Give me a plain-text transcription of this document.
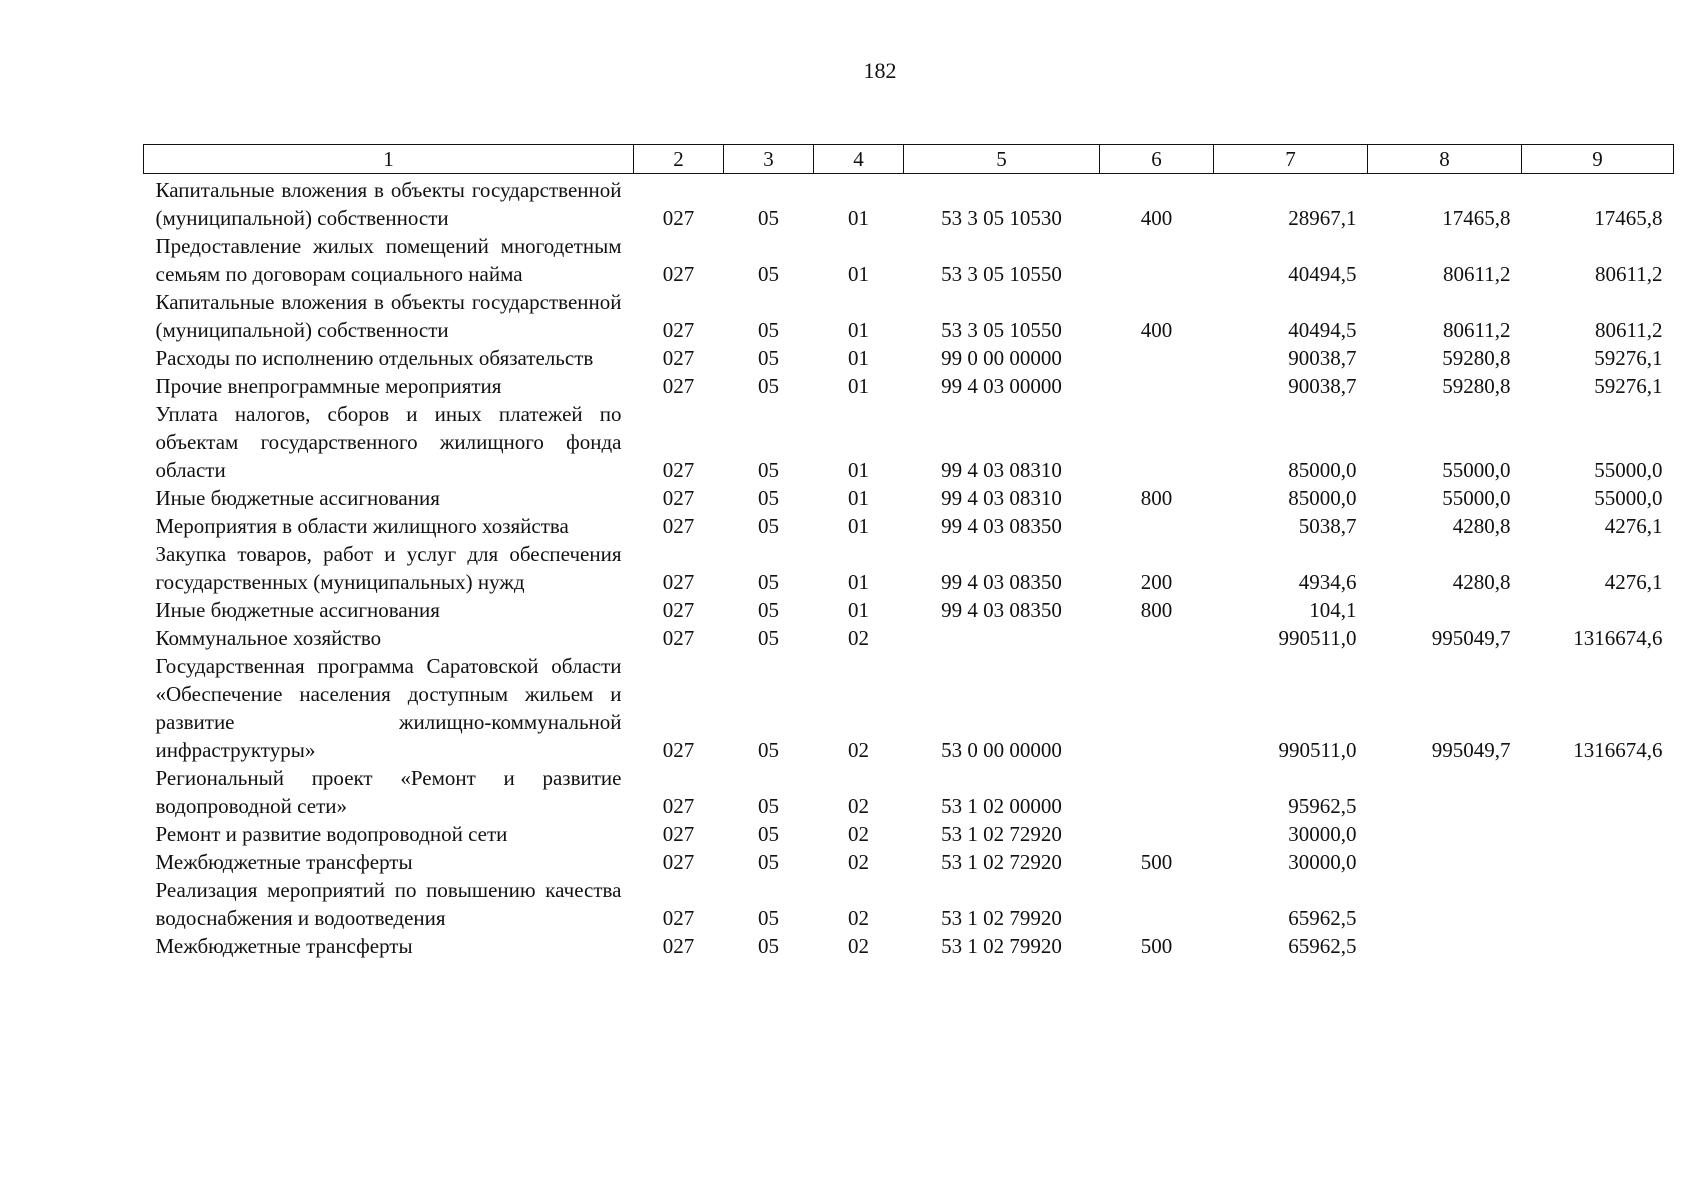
182
1	2	3	4	5	6	7	8	9
Капитальные вложения в объекты государственной (муниципальной) собственности	027	05	01	53 3 05 10530	400	28967,1	17465,8	17465,8
Предоставление жилых помещений многодетным семьям по договорам социального найма	027	05	01	53 3 05 10550		40494,5	80611,2	80611,2
Капитальные вложения в объекты государственной (муниципальной) собственности	027	05	01	53 3 05 10550	400	40494,5	80611,2	80611,2
Расходы по исполнению отдельных обязательств	027	05	01	99 0 00 00000		90038,7	59280,8	59276,1
Прочие внепрограммные мероприятия	027	05	01	99 4 03 00000		90038,7	59280,8	59276,1
Уплата налогов, сборов и иных платежей по объектам государственного жилищного фонда области	027	05	01	99 4 03 08310		85000,0	55000,0	55000,0
Иные бюджетные ассигнования	027	05	01	99 4 03 08310	800	85000,0	55000,0	55000,0
Мероприятия в области жилищного хозяйства	027	05	01	99 4 03 08350		5038,7	4280,8	4276,1
Закупка товаров, работ и услуг для обеспечения государственных (муниципальных) нужд	027	05	01	99 4 03 08350	200	4934,6	4280,8	4276,1
Иные бюджетные ассигнования	027	05	01	99 4 03 08350	800	104,1		
Коммунальное хозяйство	027	05	02			990511,0	995049,7	1316674,6
Государственная программа Саратовской области «Обеспечение населения доступным жильем и развитие жилищно-коммунальной инфраструктуры»	027	05	02	53 0 00 00000		990511,0	995049,7	1316674,6
Региональный проект «Ремонт и развитие водопроводной сети»	027	05	02	53 1 02 00000		95962,5		
Ремонт и развитие водопроводной сети	027	05	02	53 1 02 72920		30000,0		
Межбюджетные трансферты	027	05	02	53 1 02 72920	500	30000,0		
Реализация мероприятий по повышению качества водоснабжения и водоотведения	027	05	02	53 1 02 79920		65962,5		
Межбюджетные трансферты	027	05	02	53 1 02 79920	500	65962,5		
